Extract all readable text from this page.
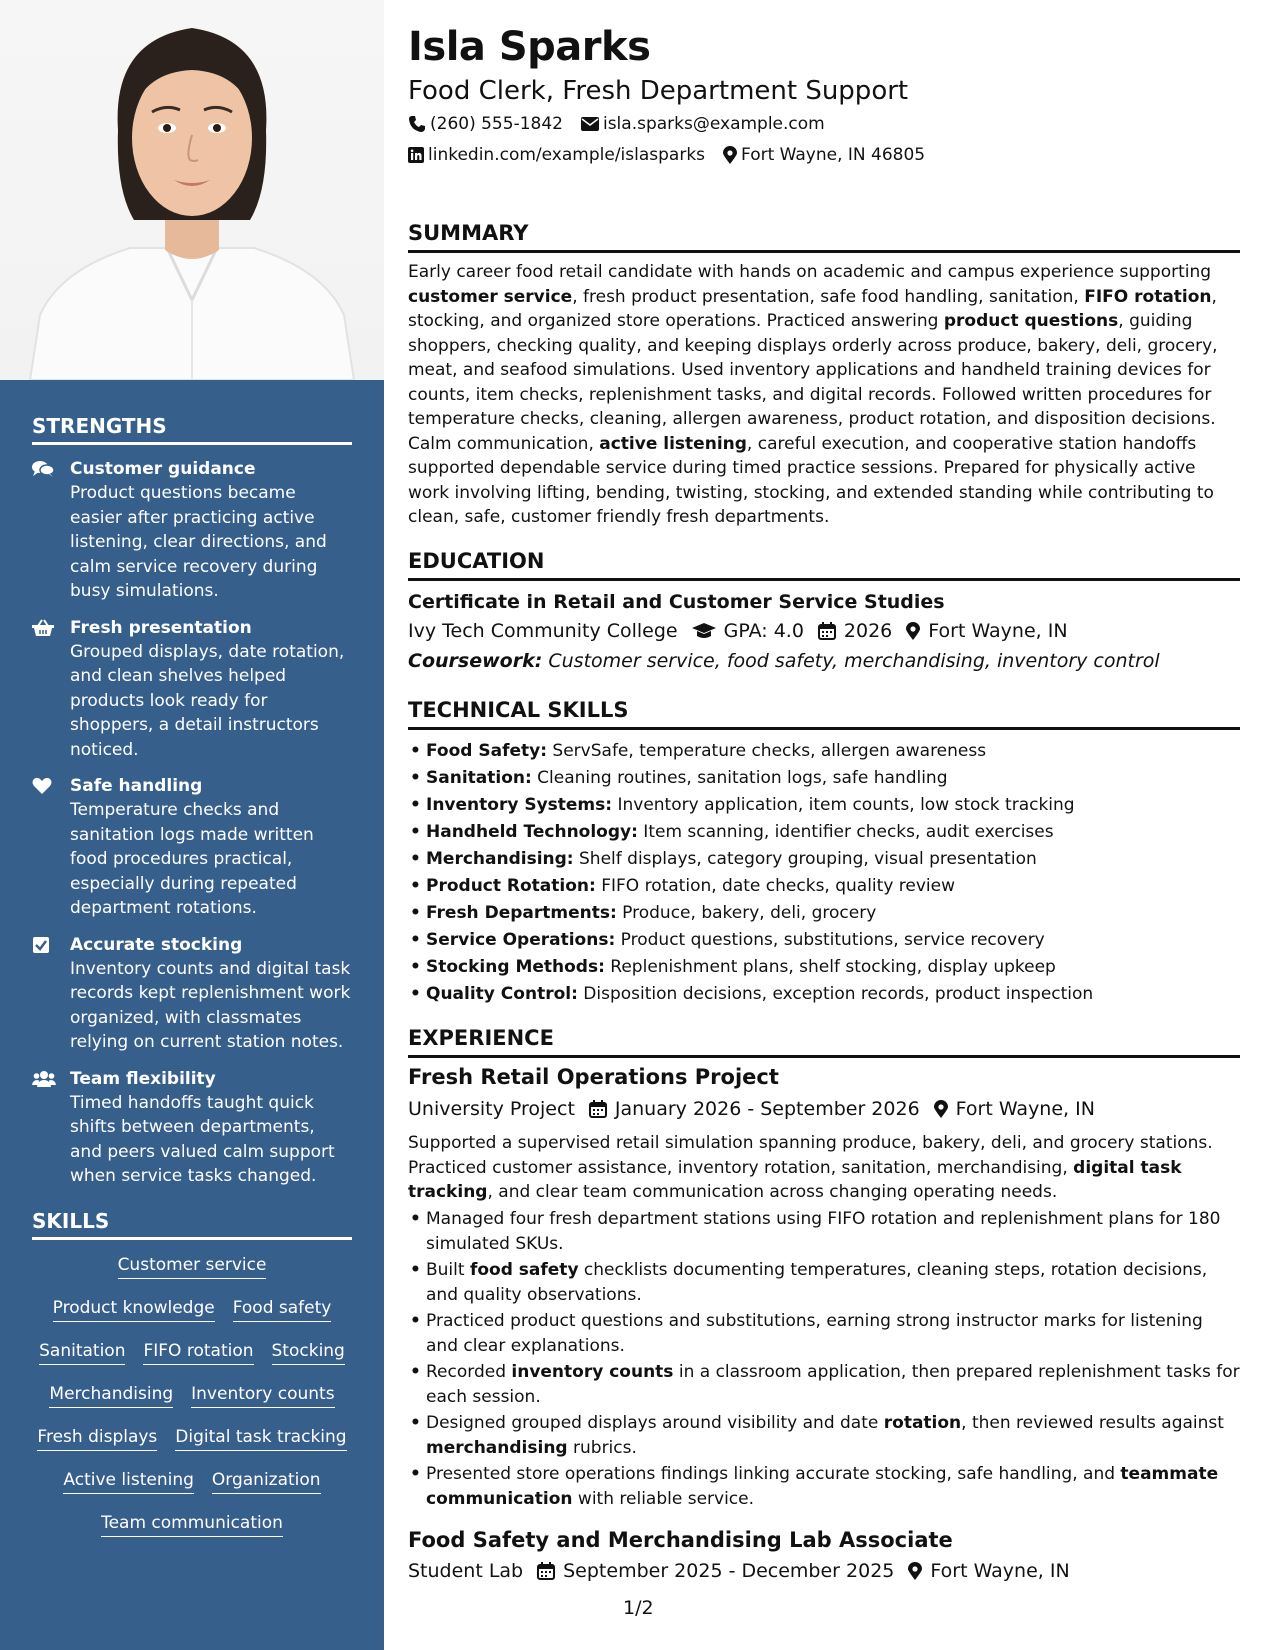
STRENGTHS
Customer guidance
Product questions became easier after practicing active listening, clear directions, and calm service recovery during busy simulations.
Fresh presentation
Grouped displays, date rotation, and clean shelves helped products look ready for shoppers, a detail instructors noticed.
Safe handling
Temperature checks and sanitation logs made written food procedures practical, especially during repeated department rotations.
Accurate stocking
Inventory counts and digital task records kept replenishment work organized, with classmates relying on current station notes.
Team flexibility
Timed handoffs taught quick shifts between departments, and peers valued calm support when service tasks changed.
SKILLS
Customer service
Product knowledge Food safety
Sanitation FIFO rotation Stocking
Merchandising Inventory counts
Fresh displays Digital task tracking
Active listening Organization
Team communication
Isla Sparks
Food Clerk, Fresh Department Support
(260) 555-1842 isla.sparks@example.com
linkedin.com/example/islasparks Fort Wayne, IN 46805
SUMMARY
Early career food retail candidate with hands on academic and campus experience supporting customer service, fresh product presentation, safe food handling, sanitation, FIFO rotation, stocking, and organized store operations. Practiced answering product questions, guiding shoppers, checking quality, and keeping displays orderly across produce, bakery, deli, grocery, meat, and seafood simulations. Used inventory applications and handheld training devices for counts, item checks, replenishment tasks, and digital records. Followed written procedures for temperature checks, cleaning, allergen awareness, product rotation, and disposition decisions. Calm communication, active listening, careful execution, and cooperative station handoffs supported dependable service during timed practice sessions. Prepared for physically active work involving lifting, bending, twisting, stocking, and extended standing while contributing to clean, safe, customer friendly fresh departments.
EDUCATION
Certificate in Retail and Customer Service Studies
Ivy Tech Community College GPA: 4.0 2026 Fort Wayne, IN
Coursework: Customer service, food safety, merchandising, inventory control
TECHNICAL SKILLS
• Food Safety: ServSafe, temperature checks, allergen awareness
• Sanitation: Cleaning routines, sanitation logs, safe handling
• Inventory Systems: Inventory application, item counts, low stock tracking
• Handheld Technology: Item scanning, identifier checks, audit exercises
• Merchandising: Shelf displays, category grouping, visual presentation
• Product Rotation: FIFO rotation, date checks, quality review
• Fresh Departments: Produce, bakery, deli, grocery
• Service Operations: Product questions, substitutions, service recovery
• Stocking Methods: Replenishment plans, shelf stocking, display upkeep
• Quality Control: Disposition decisions, exception records, product inspection
EXPERIENCE
Fresh Retail Operations Project
University Project January 2026 - September 2026 Fort Wayne, IN
Supported a supervised retail simulation spanning produce, bakery, deli, and grocery stations. Practiced customer assistance, inventory rotation, sanitation, merchandising, digital task tracking, and clear team communication across changing operating needs.
• Managed four fresh department stations using FIFO rotation and replenishment plans for 180 simulated SKUs.
• Built food safety checklists documenting temperatures, cleaning steps, rotation decisions, and quality observations.
• Practiced product questions and substitutions, earning strong instructor marks for listening and clear explanations.
• Recorded inventory counts in a classroom application, then prepared replenishment tasks for each session.
• Designed grouped displays around visibility and date rotation, then reviewed results against merchandising rubrics.
• Presented store operations findings linking accurate stocking, safe handling, and teammate communication with reliable service.
Food Safety and Merchandising Lab Associate
Student Lab September 2025 - December 2025 Fort Wayne, IN
1/2
